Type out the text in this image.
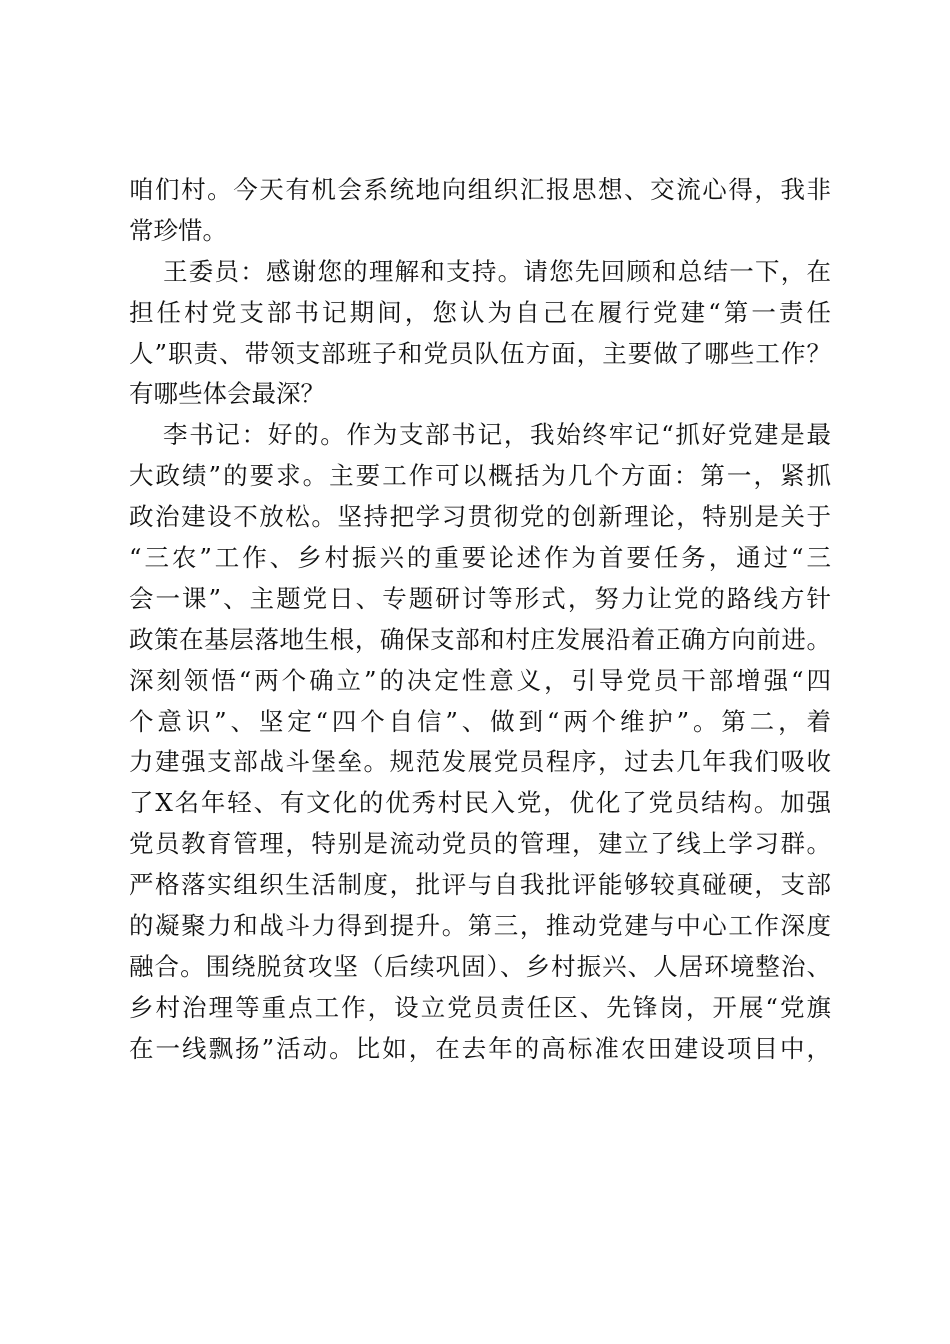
咱们村。今天有机会系统地向组织汇报思想、交流心得，我非
常珍惜。
王委员：感谢您的理解和支持。请您先回顾和总结一下，在
担任村党支部书记期间，您认为自己在履行党建“第一责任
人”职责、带领支部班子和党员队伍方面，主要做了哪些工作？
有哪些体会最深？
李书记：好的。作为支部书记，我始终牢记“抓好党建是最
大政绩”的要求。主要工作可以概括为几个方面：第一，紧抓
政治建设不放松。坚持把学习贯彻党的创新理论，特别是关于
“三农”工作、乡村振兴的重要论述作为首要任务，通过“三
会一课”、主题党日、专题研讨等形式，努力让党的路线方针
政策在基层落地生根，确保支部和村庄发展沿着正确方向前进。
深刻领悟“两个确立”的决定性意义，引导党员干部增强“四
个意识”、坚定“四个自信”、做到“两个维护”。第二，着
力建强支部战斗堡垒。规范发展党员程序，过去几年我们吸收
了X名年轻、有文化的优秀村民入党，优化了党员结构。加强
党员教育管理，特别是流动党员的管理，建立了线上学习群。
严格落实组织生活制度，批评与自我批评能够较真碰硬，支部
的凝聚力和战斗力得到提升。第三，推动党建与中心工作深度
融合。围绕脱贫攻坚（后续巩固）、乡村振兴、人居环境整治、
乡村治理等重点工作，设立党员责任区、先锋岗，开展“党旗
在一线飘扬”活动。比如，在去年的高标准农田建设项目中，
